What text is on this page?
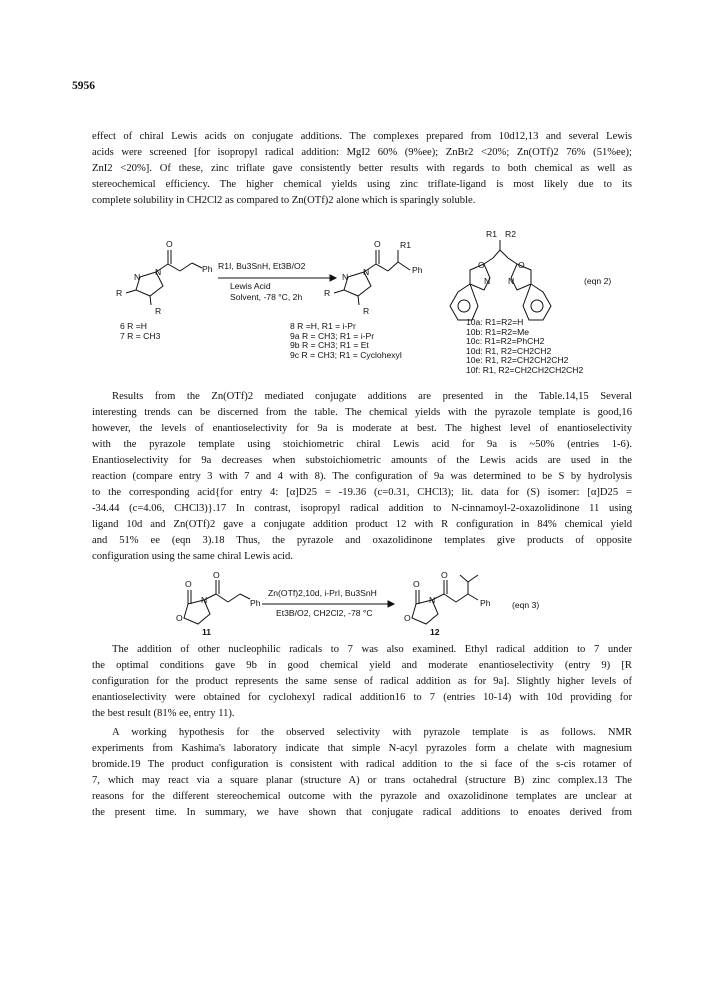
5956
effect of chiral Lewis acids on conjugate additions. The complexes prepared from 10d12,13 and several Lewis
acids were screened [for isopropyl radical addition: MgI2 60% (9%ee); ZnBr2 <20%; Zn(OTf)2 76% (51%ee);
ZnI2 <20%]. Of these, zinc triflate gave consistently better results with regards to both chemical as well as
stereochemical efficiency. The higher chemical yields using zinc triflate-ligand is most likely due to its
complete solubility in CH2Cl2 as compared to Zn(OTf)2 alone which is sparingly soluble.
N N
R
R
O
Ph
N N
R
R
O R1
Ph
R1 R2
O	O
N N
R1I, Bu3SnH, Et3B/O2
Lewis Acid
Solvent, -78 °C, 2h
(eqn 2)
6 R =H
7 R = CH3
8 R =H, R1 = i-Pr
9a R = CH3; R1 = i-Pr
9b R = CH3; R1 = Et
9c R = CH3; R1 = Cyclohexyl
10a: R1=R2=H
10b: R1=R2=Me
10c: R1=R2=PhCH2
10d: R1, R2=CH2CH2
10e: R1, R2=CH2CH2CH2
10f: R1, R2=CH2CH2CH2CH2
Results from the Zn(OTf)2 mediated conjugate additions are presented in the Table.14,15 Several
interesting trends can be discerned from the table. The chemical yields with the pyrazole template is good,16
however, the levels of enantioselectivity for 9a is moderate at best. The highest level of enantioselectivity
with the pyrazole template using stoichiometric chiral Lewis acid for 9a is ~50% (entries 1-6).
Enantioselectivity for 9a decreases when substoichiometric amounts of the Lewis acids are used in the
reaction (compare entry 3 with 7 and 4 with 8). The configuration of 9a was determined to be S by hydrolysis
to the corresponding acid{for entry 4: [α]D25 = -19.36 (c=0.31, CHCl3); lit. data for (S) isomer: [α]D25 =
-34.44 (c=4.06, CHCl3)}.17 In contrast, isopropyl radical addition to N-cinnamoyl-2-oxazolidinone 11 using
ligand 10d and Zn(OTf)2 gave a conjugate addition product 12 with R configuration in 84% chemical yield
and 51% ee (eqn 3).18 Thus, the pyrazole and oxazolidinone templates give products of opposite
configuration using the same chiral Lewis acid.
O
O
O
N	Ph
O
O
O
N	Ph
Zn(OTf)2,10d, i-PrI, Bu3SnH
Et3B/O2, CH2Cl2, -78 °C
11	12
(eqn 3)
The addition of other nucleophilic radicals to 7 was also examined. Ethyl radical addition to 7 under
the optimal conditions gave 9b in good chemical yield and moderate enantioselectivity (entry 9) [R
configuration for the product represents the same sense of radical addition as for 9a]. Slightly higher levels of
enantioselectivity were obtained for cyclohexyl radical addition16 to 7 (entries 10-14) with 10d providing for
the best result (81% ee, entry 11).
A working hypothesis for the observed selectivity with pyrazole template is as follows. NMR
experiments from Kashima's laboratory indicate that simple N-acyl pyrazoles form a chelate with magnesium
bromide.19 The product configuration is consistent with radical addition to the si face of the s-cis rotamer of
7, which may react via a square planar (structure A) or trans octahedral (structure B) zinc complex.13 The
reasons for the different stereochemical outcome with the pyrazole and oxazolidinone templates are unclear at
the present time. In summary, we have shown that conjugate radical additions to enoates derived from
